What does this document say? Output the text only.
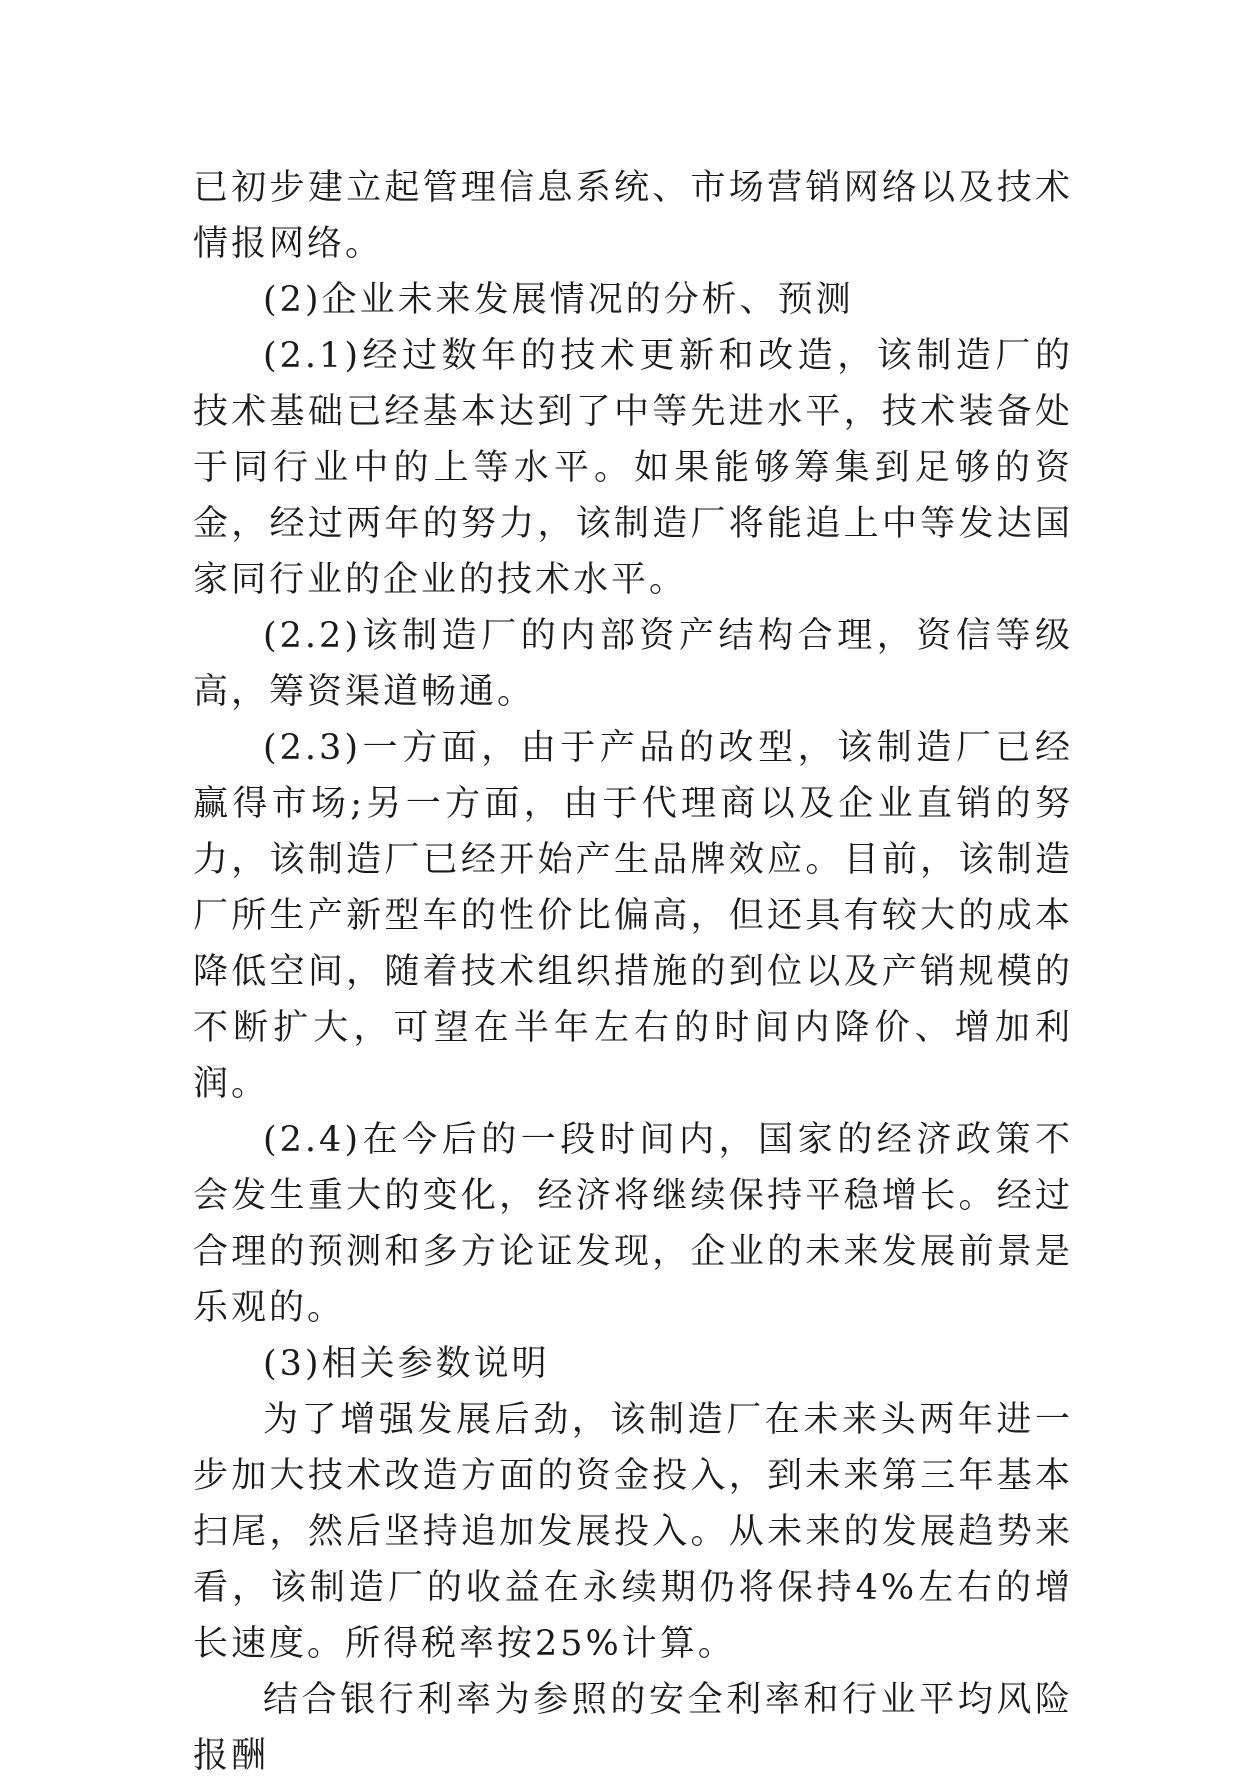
已初步建立起管理信息系统、市场营销网络以及技术情报网络。

(2)企业未来发展情况的分析、预测

(2.1)经过数年的技术更新和改造，该制造厂的技术基础已经基本达到了中等先进水平，技术装备处于同行业中的上等水平。如果能够筹集到足够的资金，经过两年的努力，该制造厂将能追上中等发达国家同行业的企业的技术水平。

(2.2)该制造厂的内部资产结构合理，资信等级高，筹资渠道畅通。

(2.3)一方面，由于产品的改型，该制造厂已经赢得市场;另一方面，由于代理商以及企业直销的努力，该制造厂已经开始产生品牌效应。目前，该制造厂所生产新型车的性价比偏高，但还具有较大的成本降低空间，随着技术组织措施的到位以及产销规模的不断扩大，可望在半年左右的时间内降价、增加利润。

(2.4)在今后的一段时间内，国家的经济政策不会发生重大的变化，经济将继续保持平稳增长。经过合理的预测和多方论证发现，企业的未来发展前景是乐观的。

(3)相关参数说明

为了增强发展后劲，该制造厂在未来头两年进一步加大技术改造方面的资金投入，到未来第三年基本扫尾，然后坚持追加发展投入。从未来的发展趋势来看，该制造厂的收益在永续期仍将保持4%左右的增长速度。所得税率按25%计算。

结合银行利率为参照的安全利率和行业平均风险报酬
